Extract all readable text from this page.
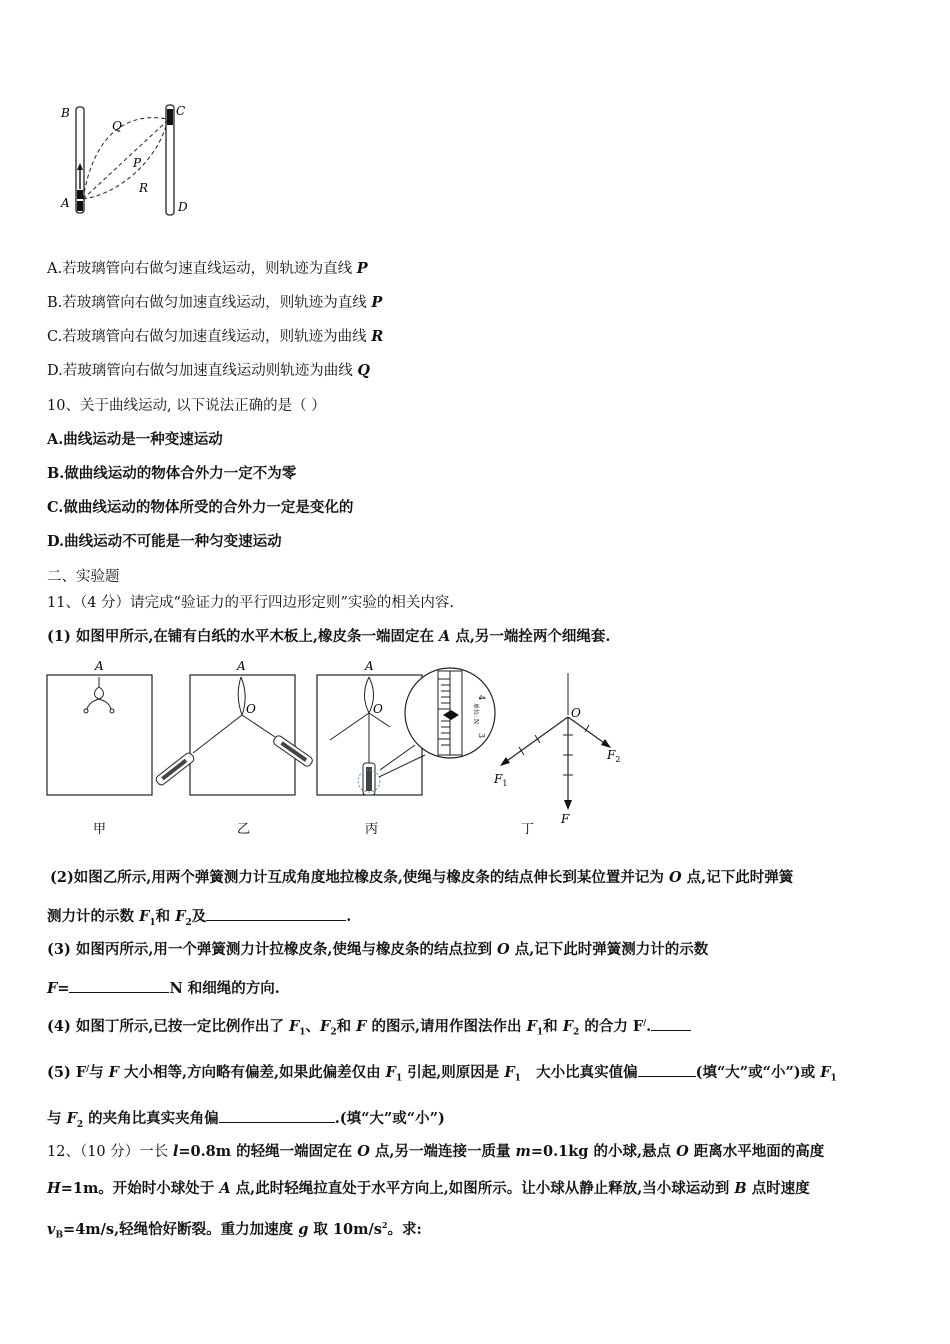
B	C
Q
P
R
A	D
A.若玻璃管向右做匀速直线运动，则轨迹为直线 P
B.若玻璃管向右做匀加速直线运动，则轨迹为直线 P
C.若玻璃管向右做匀加速直线运动，则轨迹为曲线 R
D.若玻璃管向右做匀加速直线运动则轨迹为曲线 Q
10、关于曲线运动, 以下说法正确的是（ ）
A.曲线运动是一种变速运动
B.做曲线运动的物体合外力一定不为零
C.做曲线运动的物体所受的合外力一定是变化的
D.曲线运动不可能是一种匀变速运动
二、实验题
11、（4 分）请完成“验证力的平行四边形定则”实验的相关内容.
(1) 如图甲所示,在铺有白纸的水平木板上,橡皮条一端固定在 A 点,另一端拴两个细绳套.
A
甲
A
O
乙
A
O
4
单位: N
3
丙
O
$F_1$
$F_2$
F
丁
(2)如图乙所示,用两个弹簧测力计互成角度地拉橡皮条,使绳与橡皮条的结点伸长到某位置并记为 O 点,记下此时弹簧
测力计的示数 $F_1$和 $F_2$及	.
(3) 如图丙所示,用一个弹簧测力计拉橡皮条,使绳与橡皮条的结点拉到 O 点,记下此时弹簧测力计的示数
F=	N 和细绳的方向.
(4) 如图丁所示,已按一定比例作出了 $F_1$、$F_2$和 F 的图示,请用作图法作出 $F_1$和 $F_2$ 的合力 F/.
(5) F/与 F 大小相等,方向略有偏差,如果此偏差仅由 $F_1$ 引起,则原因是 $F_1$ 大小比真实值偏	(填“大”或“小”)或 $F_1$
与 $F_2$ 的夹角比真实夹角偏	.(填“大”或“小”)
12、（10 分）一长 l=0.8m 的轻绳一端固定在 O 点,另一端连接一质量 m=0.1kg 的小球,悬点 O 距离水平地面的高度
H=1m。开始时小球处于 A 点,此时轻绳拉直处于水平方向上,如图所示。让小球从静止释放,当小球运动到 B 点时速度
$v_B=4m/s$,轻绳恰好断裂。重力加速度 g 取 $10m/s^2$。求:
